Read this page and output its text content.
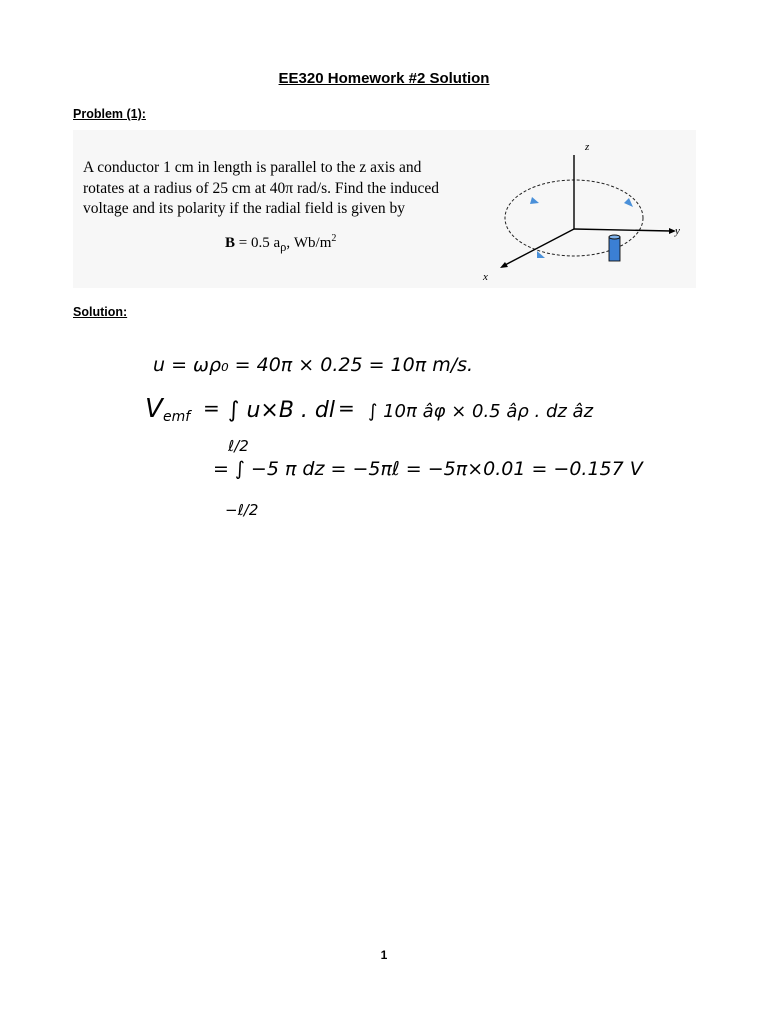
EE320 Homework #2 Solution
Problem (1):

A conductor 1 cm in length is parallel to the z axis and

rotates at a radius of 25 cm at 40π rad/s. Find the induced

voltage and its polarity if the radial field is given by

B = 0.5 $a_\rho$, $Wb/m^2$
z
y
x
Solution:
u = ωρ₀ = 40π × 0.25 = 10π m/s.
V emf = ∫ u×B . dl = ∫ 10π âφ × 0.5 âρ . dz âz
ℓ/2
= ∫ −5 π dz = −5πℓ = −5π×0.01 = −0.157 V
−ℓ/2
1
